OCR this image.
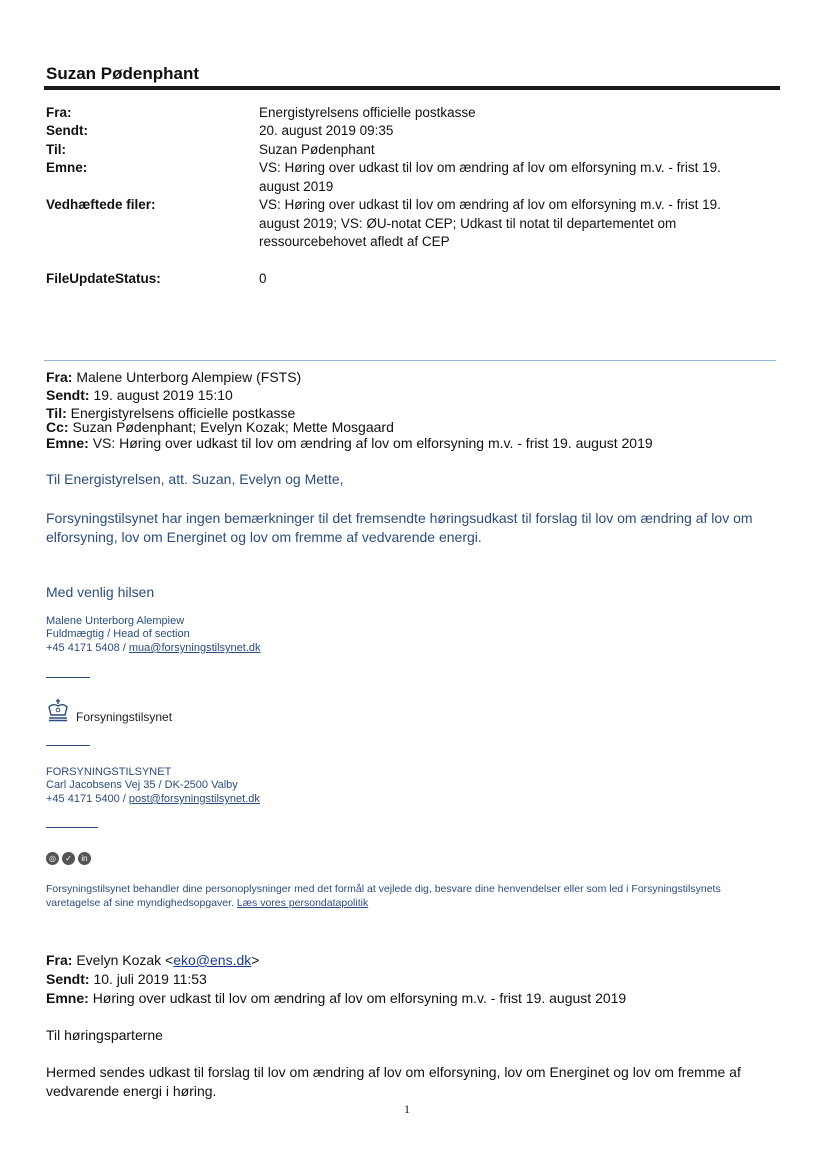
Suzan Pødenphant
Fra:	Energistyrelsens officielle postkasse
Sendt:	20. august 2019 09:35
Til:	Suzan Pødenphant
Emne:	VS: Høring over udkast til lov om ændring af lov om elforsyning m.v. - frist 19. august 2019
Vedhæftede filer:	VS: Høring over udkast til lov om ændring af lov om elforsyning m.v. - frist 19. august 2019; VS: ØU-notat CEP; Udkast til notat til departementet om ressourcebehovet afledt af CEP
FileUpdateStatus:	0
Fra: Malene Unterborg Alempiew (FSTS)
Sendt: 19. august 2019 15:10
Til: Energistyrelsens officielle postkasse
Cc: Suzan Pødenphant; Evelyn Kozak; Mette Mosgaard
Emne: VS: Høring over udkast til lov om ændring af lov om elforsyning m.v. - frist 19. august 2019
Til Energistyrelsen, att. Suzan, Evelyn og Mette,
Forsyningstilsynet har ingen bemærkninger til det fremsendte høringsudkast til forslag til lov om ændring af lov om elforsyning, lov om Energinet og lov om fremme af vedvarende energi.
Med venlig hilsen
Malene Unterborg Alempiew
Fuldmægtig / Head of section
+45 4171 5408 / mua@forsyningstilsynet.dk
Forsyningstilsynet
FORSYNINGSTILSYNET
Carl Jacobsens Vej 35 / DK-2500 Valby
+45 4171 5400 / post@forsyningstilsynet.dk
◎ ✓ in
Forsyningstilsynet behandler dine personoplysninger med det formål at vejlede dig, besvare dine henvendelser eller som led i Forsyningstilsynets varetagelse af sine myndighedsopgaver. Læs vores persondatapolitik
Fra: Evelyn Kozak <eko@ens.dk>
Sendt: 10. juli 2019 11:53
Emne: Høring over udkast til lov om ændring af lov om elforsyning m.v. - frist 19. august 2019
Til høringsparterne
Hermed sendes udkast til forslag til lov om ændring af lov om elforsyning, lov om Energinet og lov om fremme af vedvarende energi i høring.
1
